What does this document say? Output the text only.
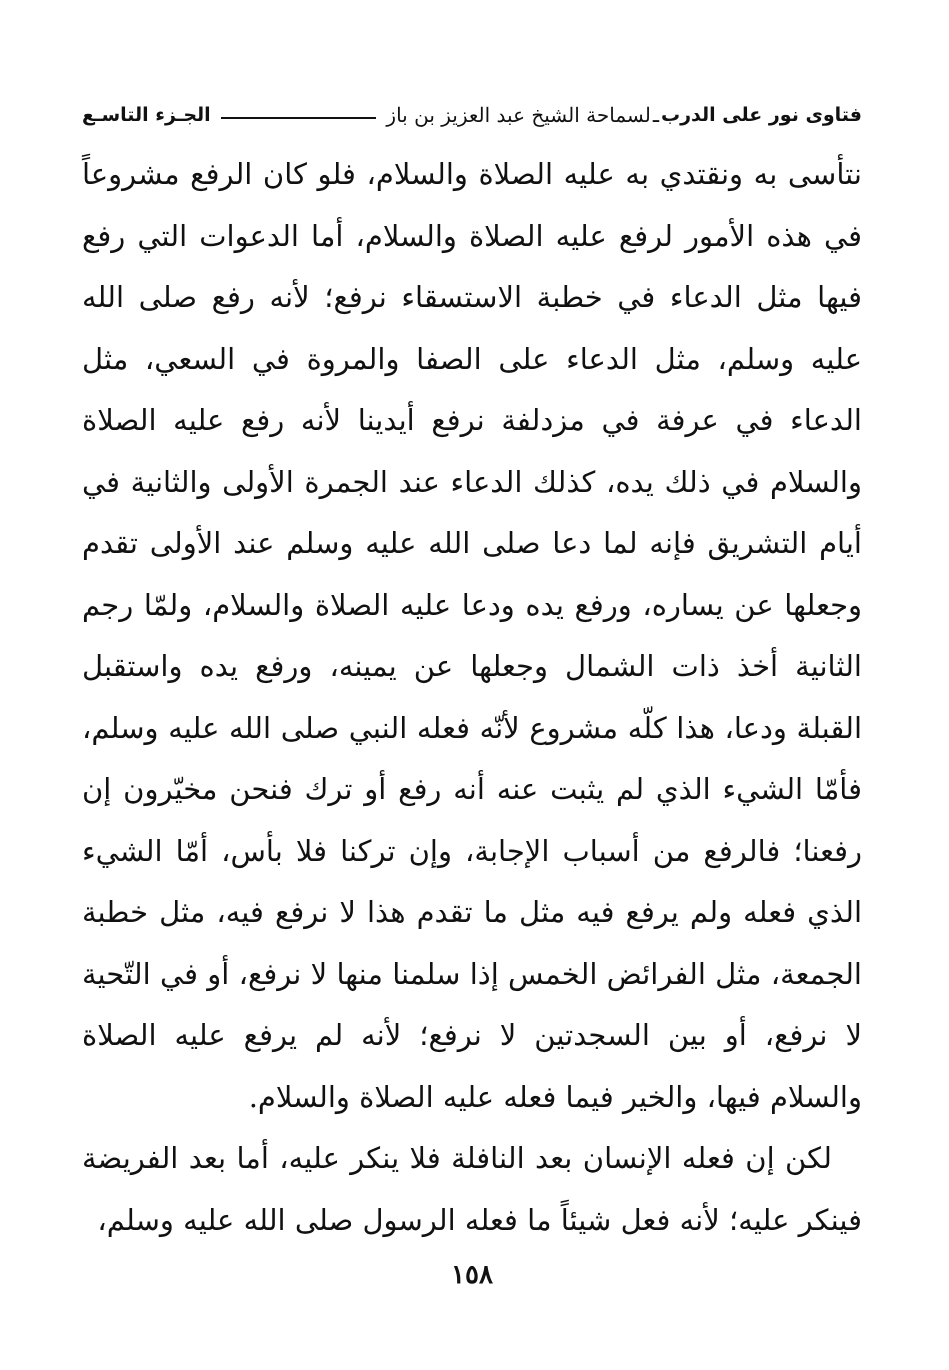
فتاوى نور على الدرب
ـ
لسماحة الشيخ عبد العزيز بن باز
الجـزء التاسـع

نتأسى به ونقتدي به عليه الصلاة والسلام، فلو كان الرفع مشروعاً في هذه الأمور لرفع عليه الصلاة والسلام، أما الدعوات التي رفع فيها مثل الدعاء في خطبة الاستسقاء نرفع؛ لأنه رفع صلى الله عليه وسلم، مثل الدعاء على الصفا والمروة في السعي، مثل الدعاء في عرفة في مزدلفة نرفع أيدينا لأنه رفع عليه الصلاة والسلام في ذلك يده، كذلك الدعاء عند الجمرة الأولى والثانية في أيام التشريق فإنه لما دعا صلى الله عليه وسلم عند الأولى تقدم وجعلها عن يساره، ورفع يده ودعا عليه الصلاة والسلام، ولمّا رجم الثانية أخذ ذات الشمال وجعلها عن يمينه، ورفع يده واستقبل القبلة ودعا، هذا كلّه مشروع لأنّه فعله النبي صلى الله عليه وسلم، فأمّا الشيء الذي لم يثبت عنه أنه رفع أو ترك فنحن مخيّرون إن رفعنا؛ فالرفع من أسباب الإجابة، وإن تركنا فلا بأس، أمّا الشيء الذي فعله ولم يرفع فيه مثل ما تقدم هذا لا نرفع فيه، مثل خطبة الجمعة، مثل الفرائض الخمس إذا سلمنا منها لا نرفع، أو في التّحية لا نرفع، أو بين السجدتين لا نرفع؛ لأنه لم يرفع عليه الصلاة والسلام فيها، والخير فيما فعله عليه الصلاة والسلام.

لكن إن فعله الإنسان بعد النافلة فلا ينكر عليه، أما بعد الفريضة فينكر عليه؛ لأنه فعل شيئاً ما فعله الرسول صلى الله عليه وسلم،

١٥٨
